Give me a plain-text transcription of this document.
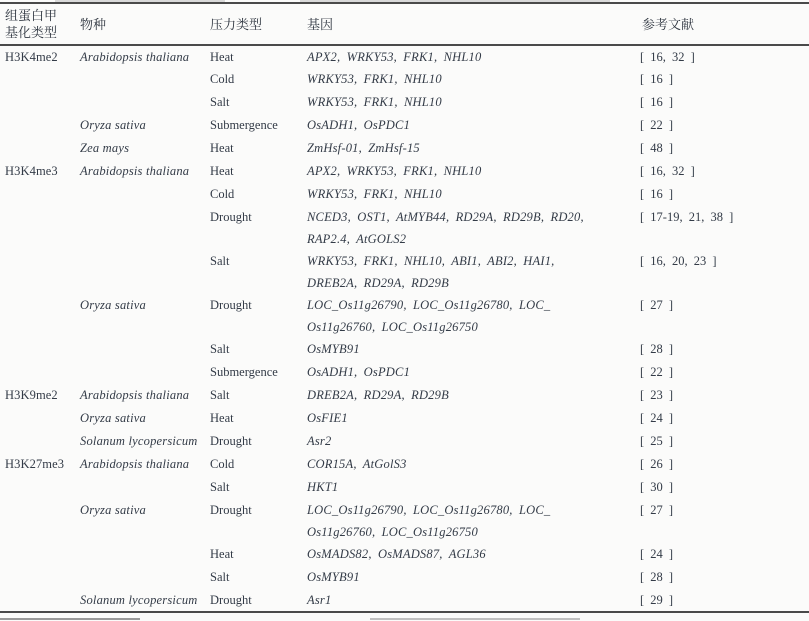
组蛋白甲
基化类型	物种	压力类型	基因	参考文献
H3K4me2	Arabidopsis thaliana	Heat	APX2, WRKY53, FRK1, NHL10	[ 16, 32 ]
		Cold	WRKY53, FRK1, NHL10	[ 16 ]
		Salt	WRKY53, FRK1, NHL10	[ 16 ]
	Oryza sativa	Submergence	OsADH1, OsPDC1	[ 22 ]
	Zea mays	Heat	ZmHsf-01, ZmHsf-15	[ 48 ]
H3K4me3	Arabidopsis thaliana	Heat	APX2, WRKY53, FRK1, NHL10	[ 16, 32 ]
		Cold	WRKY53, FRK1, NHL10	[ 16 ]
		Drought	NCED3, OST1, AtMYB44, RD29A, RD29B, RD20,
RAP2.4, AtGOLS2	[ 17-19, 21, 38 ]
		Salt	WRKY53, FRK1, NHL10, ABI1, ABI2, HAI1,
DREB2A, RD29A, RD29B	[ 16, 20, 23 ]
	Oryza sativa	Drought	LOC_Os11g26790, LOC_Os11g26780, LOC_
Os11g26760, LOC_Os11g26750	[ 27 ]
		Salt	OsMYB91	[ 28 ]
		Submergence	OsADH1, OsPDC1	[ 22 ]
H3K9me2	Arabidopsis thaliana	Salt	DREB2A, RD29A, RD29B	[ 23 ]
	Oryza sativa	Heat	OsFIE1	[ 24 ]
	Solanum lycopersicum	Drought	Asr2	[ 25 ]
H3K27me3	Arabidopsis thaliana	Cold	COR15A, AtGolS3	[ 26 ]
		Salt	HKT1	[ 30 ]
	Oryza sativa	Drought	LOC_Os11g26790, LOC_Os11g26780, LOC_
Os11g26760, LOC_Os11g26750	[ 27 ]
		Heat	OsMADS82, OsMADS87, AGL36	[ 24 ]
		Salt	OsMYB91	[ 28 ]
	Solanum lycopersicum	Drought	Asr1	[ 29 ]
